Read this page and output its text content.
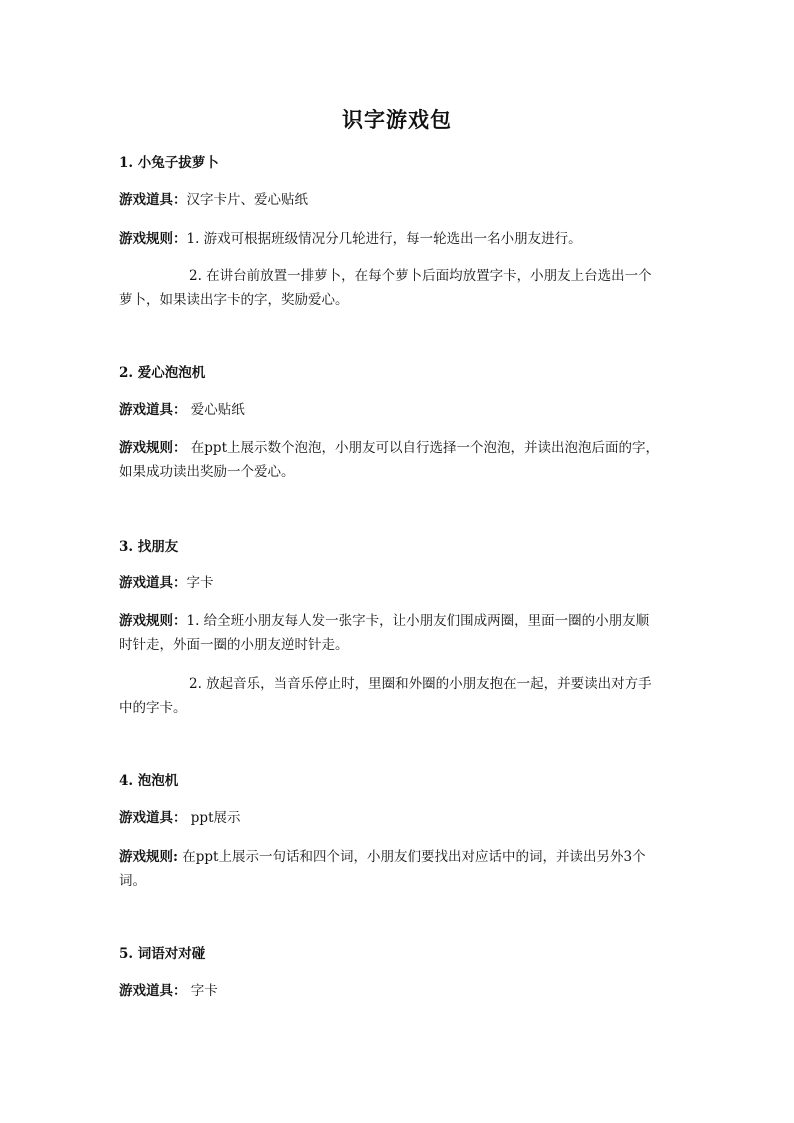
识字游戏包
1. 小兔子拔萝卜
游戏道具：汉字卡片、爱心贴纸
游戏规则：1. 游戏可根据班级情况分几轮进行，每一轮选出一名小朋友进行。
2. 在讲台前放置一排萝卜，在每个萝卜后面均放置字卡，小朋友上台选出一个
萝卜，如果读出字卡的字，奖励爱心。
2. 爱心泡泡机
游戏道具： 爱心贴纸
游戏规则： 在ppt上展示数个泡泡，小朋友可以自行选择一个泡泡，并读出泡泡后面的字，
如果成功读出奖励一个爱心。
3. 找朋友
游戏道具：字卡
游戏规则：1. 给全班小朋友每人发一张字卡，让小朋友们围成两圈，里面一圈的小朋友顺
时针走，外面一圈的小朋友逆时针走。
2. 放起音乐，当音乐停止时，里圈和外圈的小朋友抱在一起，并要读出对方手
中的字卡。
4. 泡泡机
游戏道具： ppt展示
游戏规则: 在ppt上展示一句话和四个词，小朋友们要找出对应话中的词，并读出另外3个
词。
5. 词语对对碰
游戏道具： 字卡
